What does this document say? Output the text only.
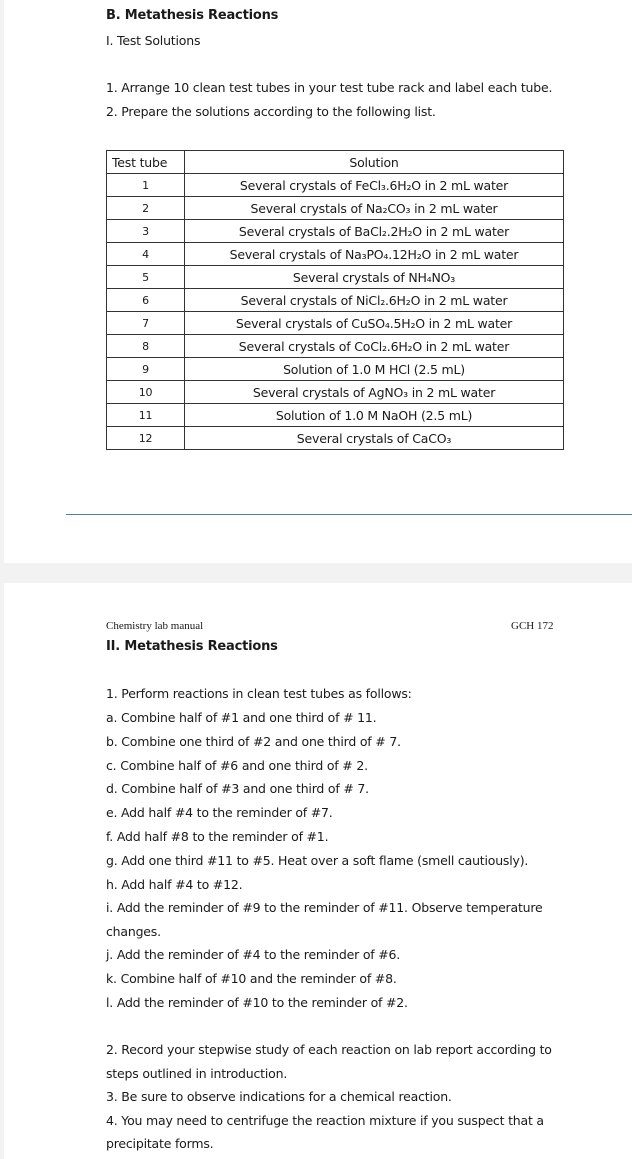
B. Metathesis Reactions
I. Test Solutions
1. Arrange 10 clean test tubes in your test tube rack and label each tube.
2. Prepare the solutions according to the following list.
Test tube	Solution
1	Several crystals of FeCl₃.6H₂O in 2 mL water
2	Several crystals of Na₂CO₃ in 2 mL water
3	Several crystals of BaCl₂.2H₂O in 2 mL water
4	Several crystals of Na₃PO₄.12H₂O in 2 mL water
5	Several crystals of NH₄NO₃
6	Several crystals of NiCl₂.6H₂O in 2 mL water
7	Several crystals of CuSO₄.5H₂O in 2 mL water
8	Several crystals of CoCl₂.6H₂O in 2 mL water
9	Solution of 1.0 M HCl (2.5 mL)
10	Several crystals of AgNO₃ in 2 mL water
11	Solution of 1.0 M NaOH (2.5 mL)
12	Several crystals of CaCO₃
Chemistry lab manual	GCH 172
II. Metathesis Reactions
1. Perform reactions in clean test tubes as follows:
a. Combine half of #1 and one third of # 11.
b. Combine one third of #2 and one third of # 7.
c. Combine half of #6 and one third of # 2.
d. Combine half of #3 and one third of # 7.
e. Add half #4 to the reminder of #7.
f. Add half #8 to the reminder of #1.
g. Add one third #11 to #5. Heat over a soft flame (smell cautiously).
h. Add half #4 to #12.
i. Add the reminder of #9 to the reminder of #11. Observe temperature
changes.
j. Add the reminder of #4 to the reminder of #6.
k. Combine half of #10 and the reminder of #8.
l. Add the reminder of #10 to the reminder of #2.
2. Record your stepwise study of each reaction on lab report according to
steps outlined in introduction.
3. Be sure to observe indications for a chemical reaction.
4. You may need to centrifuge the reaction mixture if you suspect that a
precipitate forms.
